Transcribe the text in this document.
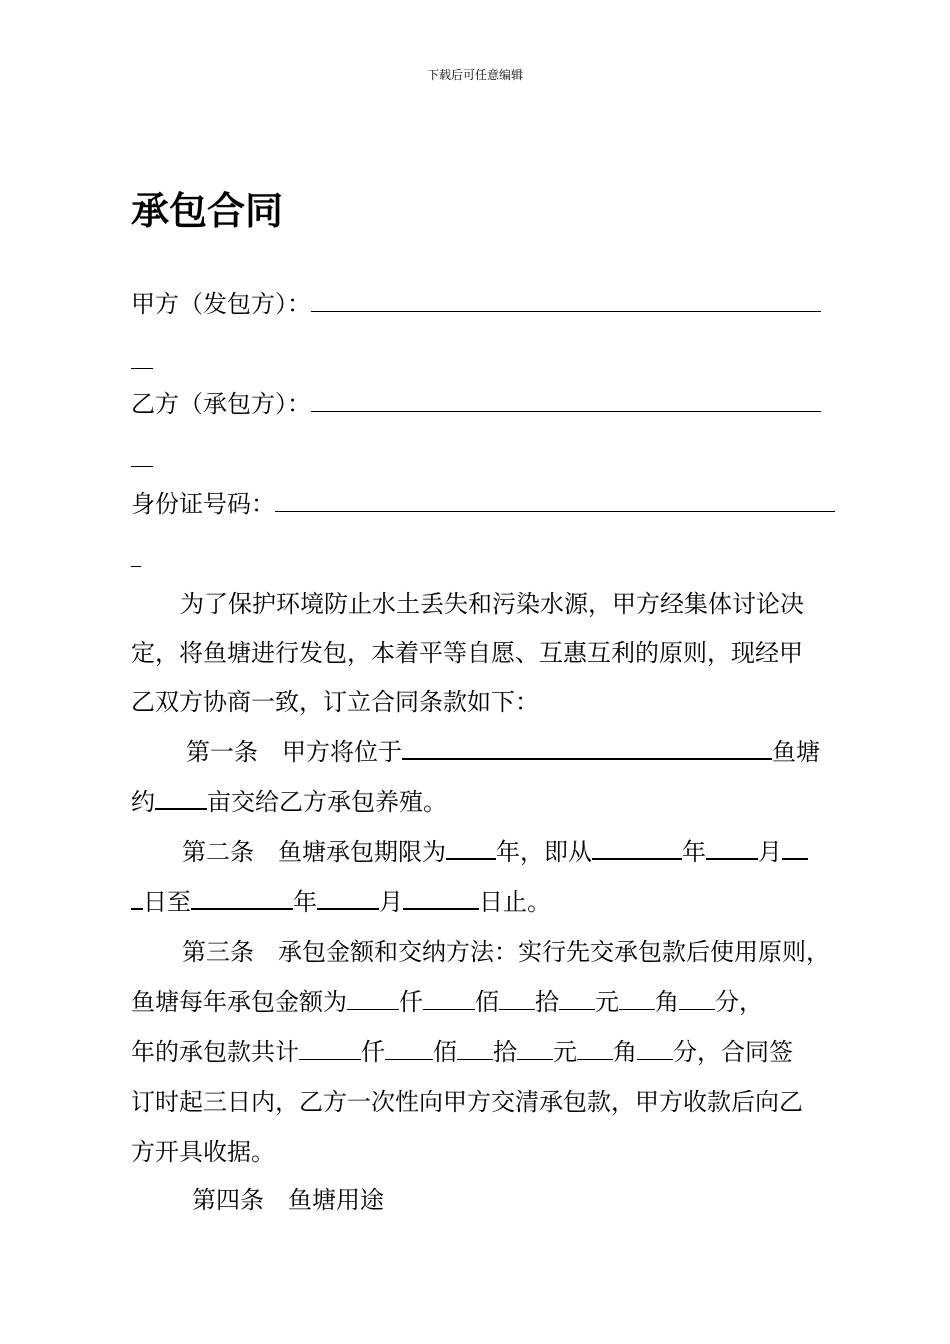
下载后可任意编辑
承包合同
甲方（发包方）：
乙方（承包方）：
身份证号码：
为了保护环境防止水土丢失和污染水源，甲方经集体讨论决
定，将鱼塘进行发包，本着平等自愿、互惠互利的原则，现经甲
乙双方协商一致，订立合同条款如下：
第一条　甲方将位于	鱼塘
约 亩交给乙方承包养殖。
第二条　鱼塘承包期限为 年，即从	年 月
日至	年	月	日止。
第三条　承包金额和交纳方法：实行先交承包款后使用原则，
鱼塘每年承包金额为 仟 佰 拾 元 角 分，
年的承包款共计	仟 佰 拾 元 角 分，合同签
订时起三日内，乙方一次性向甲方交清承包款，甲方收款后向乙
方开具收据。
第四条　鱼塘用途
